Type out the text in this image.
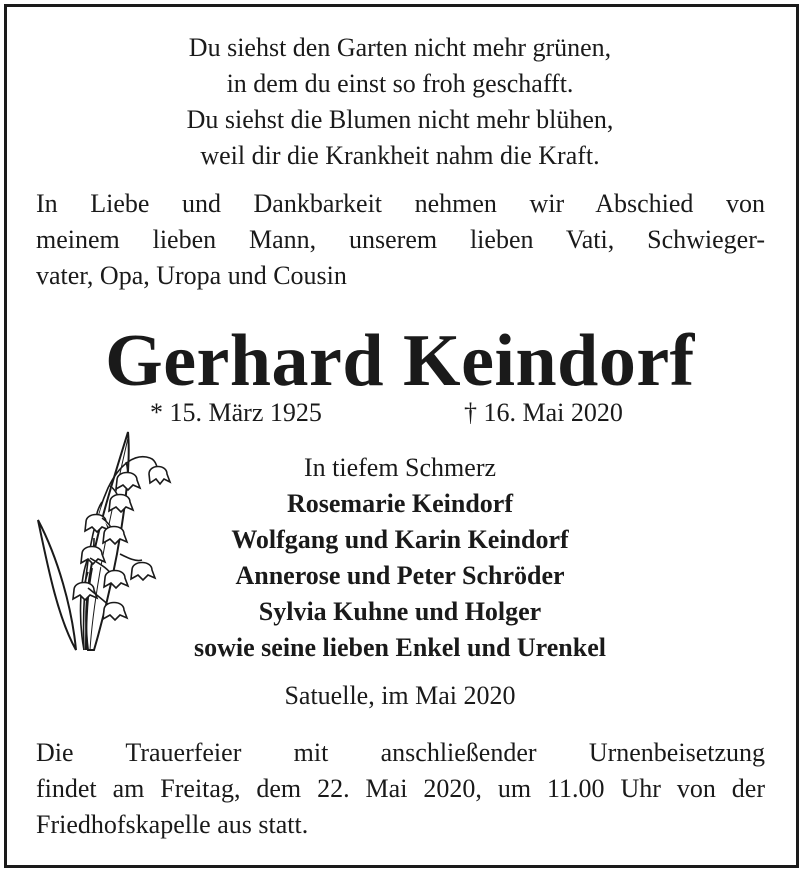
Du siehst den Garten nicht mehr grünen,
in dem du einst so froh geschafft.
Du siehst die Blumen nicht mehr blühen,
weil dir die Krankheit nahm die Kraft.
In Liebe und Dankbarkeit nehmen wir Abschied von
meinem lieben Mann, unserem lieben Vati, Schwieger-
vater, Opa, Uropa und Cousin
Gerhard Keindorf
* 15. März 1925	† 16. Mai 2020
In tiefem Schmerz
Rosemarie Keindorf
Wolfgang und Karin Keindorf
Annerose und Peter Schröder
Sylvia Kuhne und Holger
sowie seine lieben Enkel und Urenkel
Satuelle, im Mai 2020
Die Trauerfeier mit anschließender Urnenbeisetzung
findet am Freitag, dem 22. Mai 2020, um 11.00 Uhr von der
Friedhofskapelle aus statt.
